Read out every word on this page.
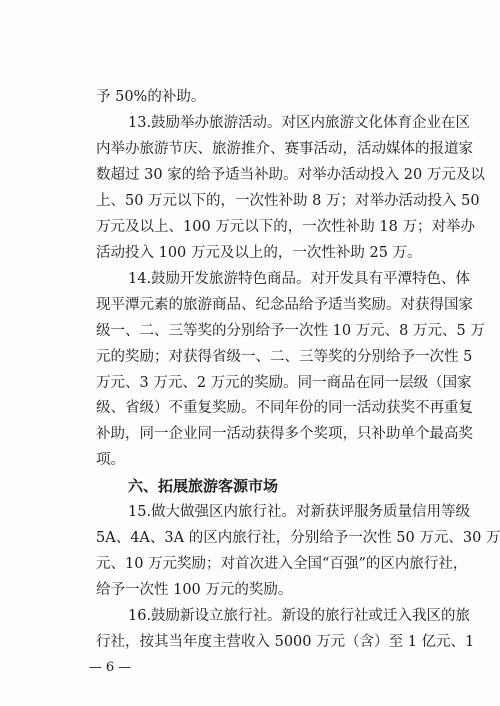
予 50%的补助。
13.鼓励举办旅游活动。对区内旅游文化体育企业在区
内举办旅游节庆、旅游推介、赛事活动，活动媒体的报道家
数超过 30 家的给予适当补助。对举办活动投入 20 万元及以
上、50 万元以下的，一次性补助 8 万；对举办活动投入 50
万元及以上、100 万元以下的，一次性补助 18 万；对举办
活动投入 100 万元及以上的，一次性补助 25 万。
14.鼓励开发旅游特色商品。对开发具有平潭特色、体
现平潭元素的旅游商品、纪念品给予适当奖励。对获得国家
级一、二、三等奖的分别给予一次性 10 万元、8 万元、5 万
元的奖励；对获得省级一、二、三等奖的分别给予一次性 5
万元、3 万元、2 万元的奖励。同一商品在同一层级（国家
级、省级）不重复奖励。不同年份的同一活动获奖不再重复
补助，同一企业同一活动获得多个奖项，只补助单个最高奖
项。
六、拓展旅游客源市场
15.做大做强区内旅行社。对新获评服务质量信用等级
5A、4A、3A 的区内旅行社，分别给予一次性 50 万元、30 万
元、10 万元奖励；对首次进入全国“百强”的区内旅行社，
给予一次性 100 万元的奖励。
16.鼓励新设立旅行社。新设的旅行社或迁入我区的旅
行社，按其当年度主营收入 5000 万元（含）至 1 亿元、1
— 6 —
